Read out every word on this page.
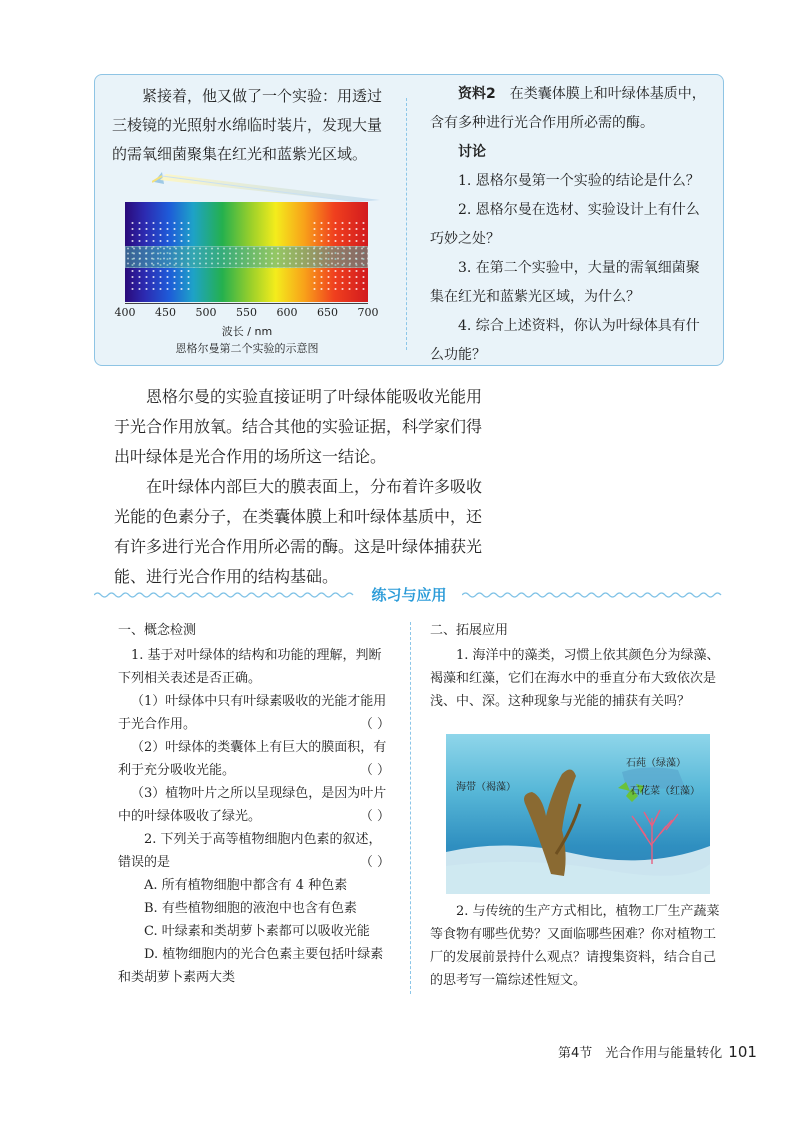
紧接着，他又做了一个实验：用透过三棱镜的光照射水绵临时装片，发现大量的需氧细菌聚集在红光和蓝紫光区域。

400 450 500 550 600 650 700
波长 / nm
恩格尔曼第二个实验的示意图

资料2　 在类囊体膜上和叶绿体基质中，含有多种进行光合作用所必需的酶。

讨论

1. 恩格尔曼第一个实验的结论是什么？

2. 恩格尔曼在选材、实验设计上有什么巧妙之处？

3. 在第二个实验中，大量的需氧细菌聚集在红光和蓝紫光区域，为什么？

4. 综合上述资料，你认为叶绿体具有什么功能？

恩格尔曼的实验直接证明了叶绿体能吸收光能用于光合作用放氧。结合其他的实验证据，科学家们得出叶绿体是光合作用的场所这一结论。

在叶绿体内部巨大的膜表面上，分布着许多吸收光能的色素分子，在类囊体膜上和叶绿体基质中，还有许多进行光合作用所必需的酶。这是叶绿体捕获光能、进行光合作用的结构基础。

练习与应用

一、概念检测

1. 基于对叶绿体的结构和功能的理解，判断下列相关表述是否正确。

（1）叶绿体中只有叶绿素吸收的光能才能用于光合作用。	（ ）

（2）叶绿体的类囊体上有巨大的膜面积，有利于充分吸收光能。	（ ）

（3）植物叶片之所以呈现绿色，是因为叶片中的叶绿体吸收了绿光。	（ ）

2. 下列关于高等植物细胞内色素的叙述，错误的是	（ ）

A. 所有植物细胞中都含有 4 种色素

B. 有些植物细胞的液泡中也含有色素

C. 叶绿素和类胡萝卜素都可以吸收光能

D. 植物细胞内的光合色素主要包括叶绿素和类胡萝卜素两大类

二、拓展应用

1. 海洋中的藻类，习惯上依其颜色分为绿藻、褐藻和红藻，它们在海水中的垂直分布大致依次是浅、中、深。这种现象与光能的捕获有关吗？

石莼（绿藻）
海带（褐藻）	石花菜（红藻）

2. 与传统的生产方式相比，植物工厂生产蔬菜等食物有哪些优势？又面临哪些困难？你对植物工厂的发展前景持什么观点？请搜集资料，结合自己的思考写一篇综述性短文。

第4节　光合作用与能量转化 101
